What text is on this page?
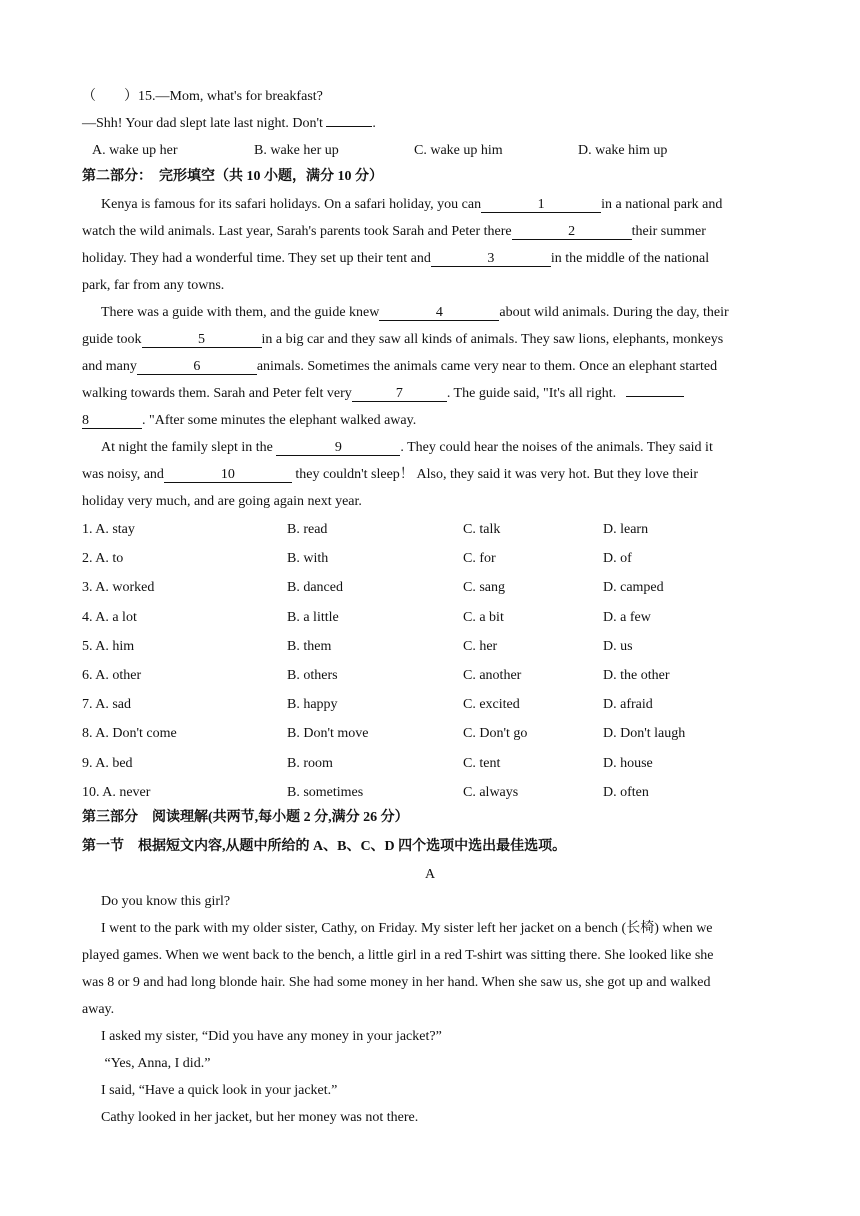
（　　）15.—Mom, what's for breakfast?
—Shh! Your dad slept late last night. Don't	.
A. wake up her	B. wake her up	C. wake up him	D. wake him up
第二部分：　完形填空（共 10 小题，满分 10 分）
Kenya is famous for its safari holidays. On a safari holiday, you can	1	in a national park and
watch the wild animals. Last year, Sarah's parents took Sarah and Peter there	2	their summer
holiday. They had a wonderful time. They set up their tent and	3	in the middle of the national
park, far from any towns.
There was a guide with them, and the guide knew	4	about wild animals. During the day, their
guide took	5	in a big car and they saw all kinds of animals. They saw lions, elephants, monkeys
and many	6	animals. Sometimes the animals came very near to them. Once an elephant started
walking towards them. Sarah and Peter felt very	7	. The guide said, "It's all right.
8	. "After some minutes the elephant walked away.
At night the family slept in the	9	. They could hear the noises of the animals. They said it
was noisy, and	10	they couldn't sleep！ Also, they said it was very hot. But they love their
holiday very much, and are going again next year.
1. A. stay	B. read	C. talk	D. learn
2. A. to	B. with	C. for	D. of
3. A. worked	B. danced	C. sang	D. camped
4. A. a lot	B. a little	C. a bit	D. a few
5. A. him	B. them	C. her	D. us
6. A. other	B. others	C. another	D. the other
7. A. sad	B. happy	C. excited	D. afraid
8. A. Don't come	B. Don't move	C. Don't go	D. Don't laugh
9. A. bed	B. room	C. tent	D. house
10. A. never	B. sometimes	C. always	D. often
第三部分　阅读理解(共两节,每小题 2 分,满分 26 分）
第一节　根据短文内容,从题中所给的 A、B、C、D 四个选项中选出最佳选项。
A
Do you know this girl?
I went to the park with my older sister, Cathy, on Friday. My sister left her jacket on a bench (长椅) when we
played games. When we went back to the bench, a little girl in a red T-shirt was sitting there. She looked like she
was 8 or 9 and had long blonde hair. She had some money in her hand. When she saw us, she got up and walked
away.
I asked my sister, “Did you have any money in your jacket?”
“Yes, Anna, I did.”
I said, “Have a quick look in your jacket.”
Cathy looked in her jacket, but her money was not there.
